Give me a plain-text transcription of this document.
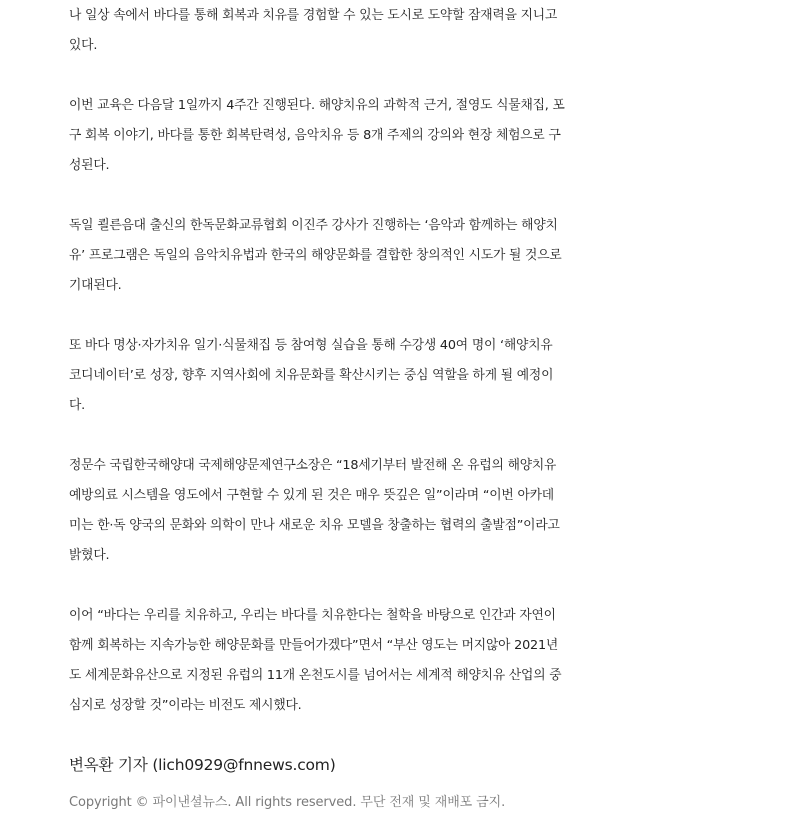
나 일상 속에서 바다를 통해 회복과 치유를 경험할 수 있는 도시로 도약할 잠재력을 지니고
있다.

이번 교육은 다음달 1일까지 4주간 진행된다. 해양치유의 과학적 근거, 절영도 식물채집, 포
구 회복 이야기, 바다를 통한 회복탄력성, 음악치유 등 8개 주제의 강의와 현장 체험으로 구
성된다.

독일 쾰른음대 출신의 한독문화교류협회 이진주 강사가 진행하는 ‘음악과 함께하는 해양치
유’ 프로그램은 독일의 음악치유법과 한국의 해양문화를 결합한 창의적인 시도가 될 것으로
기대된다.

또 바다 명상·자가치유 일기·식물채집 등 참여형 실습을 통해 수강생 40여 명이 ‘해양치유
코디네이터’로 성장, 향후 지역사회에 치유문화를 확산시키는 중심 역할을 하게 될 예정이
다.

정문수 국립한국해양대 국제해양문제연구소장은 “18세기부터 발전해 온 유럽의 해양치유
예방의료 시스템을 영도에서 구현할 수 있게 된 것은 매우 뜻깊은 일”이라며 “이번 아카데
미는 한·독 양국의 문화와 의학이 만나 새로운 치유 모델을 창출하는 협력의 출발점”이라고
밝혔다.

이어 “바다는 우리를 치유하고, 우리는 바다를 치유한다는 철학을 바탕으로 인간과 자연이
함께 회복하는 지속가능한 해양문화를 만들어가겠다”면서 “부산 영도는 머지않아 2021년
도 세계문화유산으로 지정된 유럽의 11개 온천도시를 넘어서는 세계적 해양치유 산업의 중
심지로 성장할 것”이라는 비전도 제시했다.

변옥환 기자 (lich0929@fnnews.com)
Copyright © 파이낸셜뉴스. All rights reserved. 무단 전재 및 재배포 금지.
